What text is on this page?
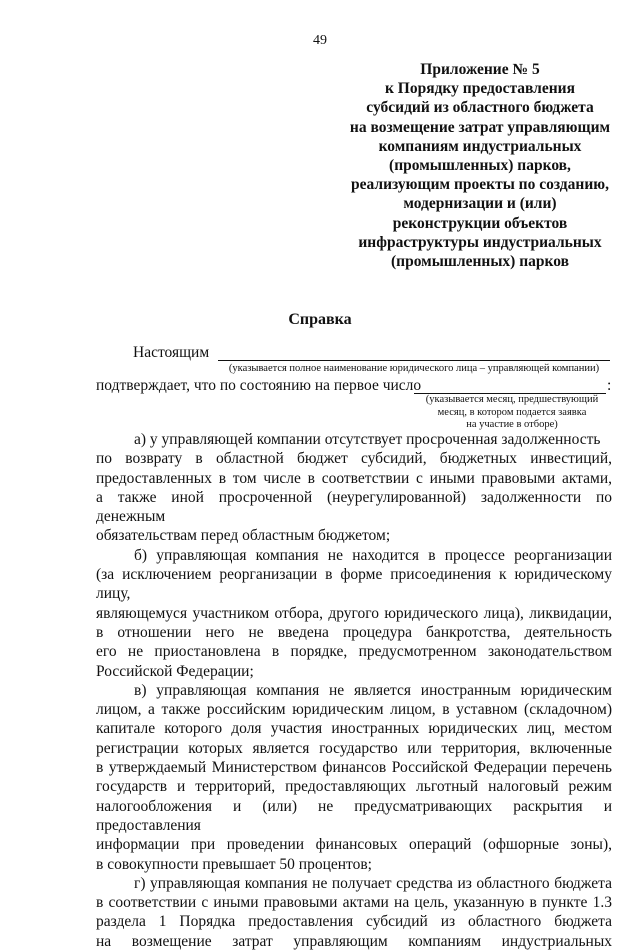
49
Приложение № 5
к Порядку предоставления
субсидий из областного бюджета
на возмещение затрат управляющим
компаниям индустриальных
(промышленных) парков,
реализующим проекты по созданию,
модернизации и (или)
реконструкции объектов
инфраструктуры индустриальных
(промышленных) парков
Справка
Настоящим
(указывается полное наименование юридического лица – управляющей компании)
подтверждает, что по состоянию на первое число	:
(указывается месяц, предшествующий
месяц, в котором подается заявка
на участие в отборе)

а) у управляющей компании отсутствует просроченная задолженность

по возврату в областной бюджет субсидий, бюджетных инвестиций,
предоставленных в том числе в соответствии с иными правовыми актами,
а также иной просроченной (неурегулированной) задолженности по денежным
обязательствам перед областным бюджетом;

б) управляющая компания не находится в процессе реорганизации

(за исключением реорганизации в форме присоединения к юридическому лицу,
являющемуся участником отбора, другого юридического лица), ликвидации,
в отношении него не введена процедура банкротства, деятельность
его не приостановлена в порядке, предусмотренном законодательством
Российской Федерации;

в) управляющая компания не является иностранным юридическим

лицом, а также российским юридическим лицом, в уставном (складочном)
капитале которого доля участия иностранных юридических лиц, местом
регистрации которых является государство или территория, включенные
в утверждаемый Министерством финансов Российской Федерации перечень
государств и территорий, предоставляющих льготный налоговый режим
налогообложения и (или) не предусматривающих раскрытия и предоставления
информации при проведении финансовых операций (офшорные зоны),
в совокупности превышает 50 процентов;

г) управляющая компания не получает средства из областного бюджета

в соответствии с иными правовыми актами на цель, указанную в пункте 1.3
раздела 1 Порядка предоставления субсидий из областного бюджета
на возмещение затрат управляющим компаниям индустриальных
